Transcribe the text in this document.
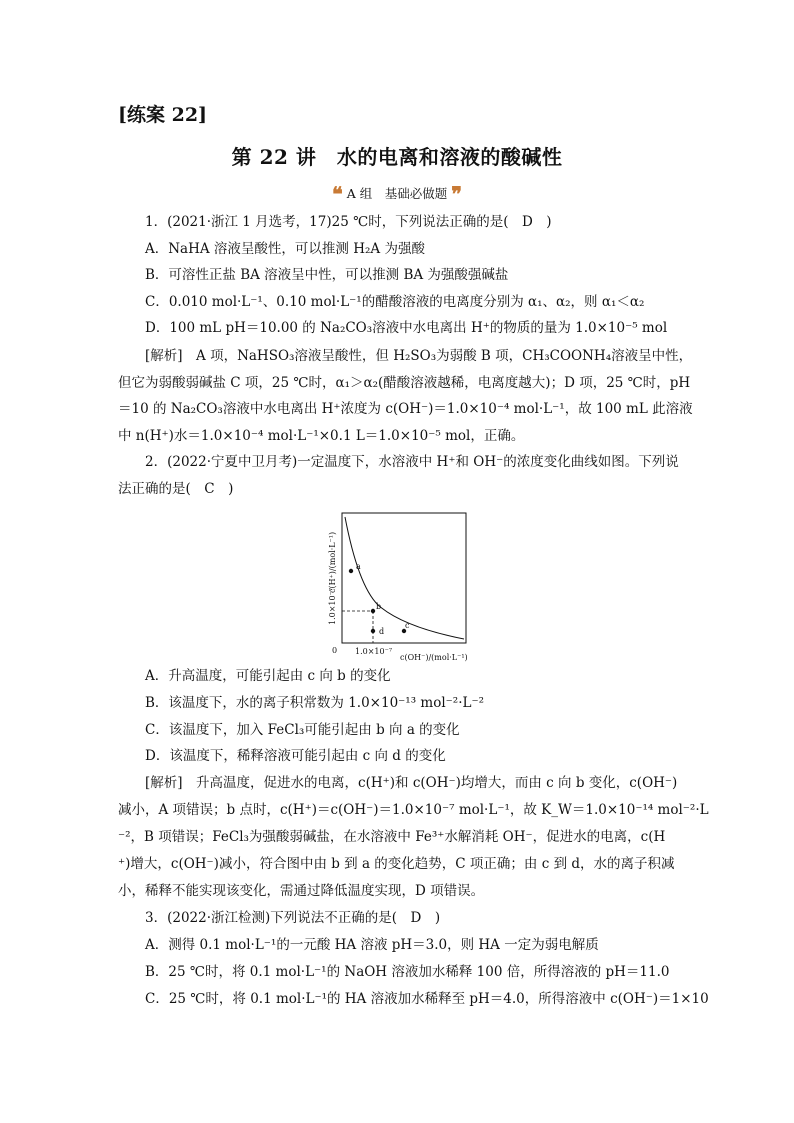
[练案 22]
第 22 讲　水的电离和溶液的酸碱性
❝ A 组　基础必做题 ❞
1．(2021·浙江 1 月选考，17)25 ℃时，下列说法正确的是(　D　)
A．NaHA 溶液呈酸性，可以推测 H₂A 为强酸
B．可溶性正盐 BA 溶液呈中性，可以推测 BA 为强酸强碱盐
C．0.010 mol·L⁻¹、0.10 mol·L⁻¹的醋酸溶液的电离度分别为 α₁、α₂，则 α₁＜α₂
D．100 mL pH＝10.00 的 Na₂CO₃溶液中水电离出 H⁺的物质的量为 1.0×10⁻⁵ mol
[解析]　A 项，NaHSO₃溶液呈酸性，但 H₂SO₃为弱酸 B 项，CH₃COONH₄溶液呈中性，
但它为弱酸弱碱盐 C 项，25 ℃时，α₁＞α₂(醋酸溶液越稀，电离度越大)；D 项，25 ℃时，pH
＝10 的 Na₂CO₃溶液中水电离出 H⁺浓度为 c(OH⁻)＝1.0×10⁻⁴ mol·L⁻¹，故 100 mL 此溶液
中 n(H⁺)水＝1.0×10⁻⁴ mol·L⁻¹×0.1 L＝1.0×10⁻⁵ mol，正确。
2．(2022·宁夏中卫月考)一定温度下，水溶液中 H⁺和 OH⁻的浓度变化曲线如图。下列说
法正确的是(　C　)
A．升高温度，可能引起由 c 向 b 的变化
B．该温度下，水的离子积常数为 1.0×10⁻¹³ mol⁻²·L⁻²
C．该温度下，加入 FeCl₃可能引起由 b 向 a 的变化
D．该温度下，稀释溶液可能引起由 c 向 d 的变化
[解析]　升高温度，促进水的电离，c(H⁺)和 c(OH⁻)均增大，而由 c 向 b 变化，c(OH⁻)
减小，A 项错误；b 点时，c(H⁺)＝c(OH⁻)＝1.0×10⁻⁷ mol·L⁻¹，故 K_W＝1.0×10⁻¹⁴ mol⁻²·L
⁻²，B 项错误；FeCl₃为强酸弱碱盐，在水溶液中 Fe³⁺水解消耗 OH⁻，促进水的电离，c(H
⁺)增大，c(OH⁻)减小，符合图中由 b 到 a 的变化趋势，C 项正确；由 c 到 d，水的离子积减
小，稀释不能实现该变化，需通过降低温度实现，D 项错误。
3．(2022·浙江检测)下列说法不正确的是(　D　)
A．测得 0.1 mol·L⁻¹的一元酸 HA 溶液 pH＝3.0，则 HA 一定为弱电解质
B．25 ℃时，将 0.1 mol·L⁻¹的 NaOH 溶液加水稀释 100 倍，所得溶液的 pH＝11.0
C．25 ℃时，将 0.1 mol·L⁻¹的 HA 溶液加水稀释至 pH＝4.0，所得溶液中 c(OH⁻)＝1×10
a
b
c
d
0 1.0×10⁻⁷
c(OH⁻)/(mol·L⁻¹)
1.0×10⁻⁷
c(H⁺)/(mol·L⁻¹)
